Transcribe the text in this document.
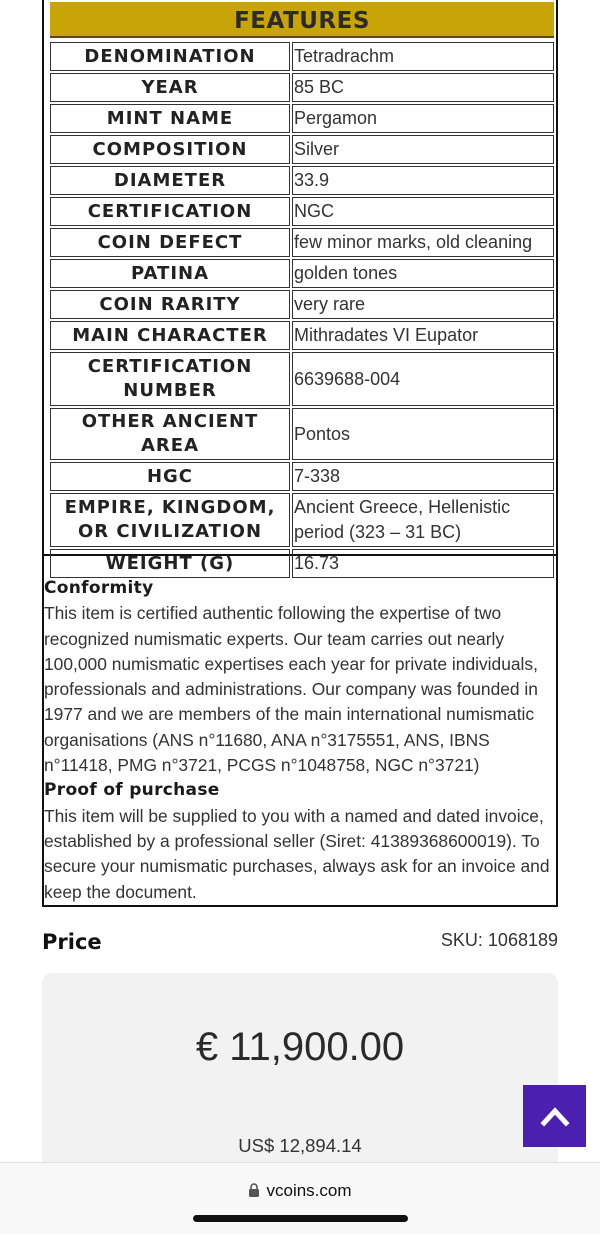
FEATURES
DENOMINATION	Tetradrachm
YEAR	85 BC
MINT NAME	Pergamon
COMPOSITION	Silver
DIAMETER	33.9
CERTIFICATION	NGC
COIN DEFECT	few minor marks, old cleaning
PATINA	golden tones
COIN RARITY	very rare
MAIN CHARACTER	Mithradates VI Eupator
CERTIFICATION NUMBER	6639688-004
OTHER ANCIENT AREA	Pontos
HGC	7-338
EMPIRE, KINGDOM, OR CIVILIZATION	Ancient Greece, Hellenistic period (323 – 31 BC)
WEIGHT (G)	16.73
Conformity

This item is certified authentic following the expertise of two recognized numismatic experts. Our team carries out nearly 100,000 numismatic expertises each year for private individuals, professionals and administrations. Our company was founded in 1977 and we are members of the main international numismatic organisations (ANS n°11680, ANA n°3175551, ANS, IBNS n°11418, PMG n°3721, PCGS n°1048758, NGC n°3721)

Proof of purchase

This item will be supplied to you with a named and dated invoice, established by a professional seller (Siret: 41389368600019). To secure your numismatic purchases, always ask for an invoice and keep the document.

Price	SKU: 1068189
€ 11,900.00
US$ 12,894.14
vcoins.com
